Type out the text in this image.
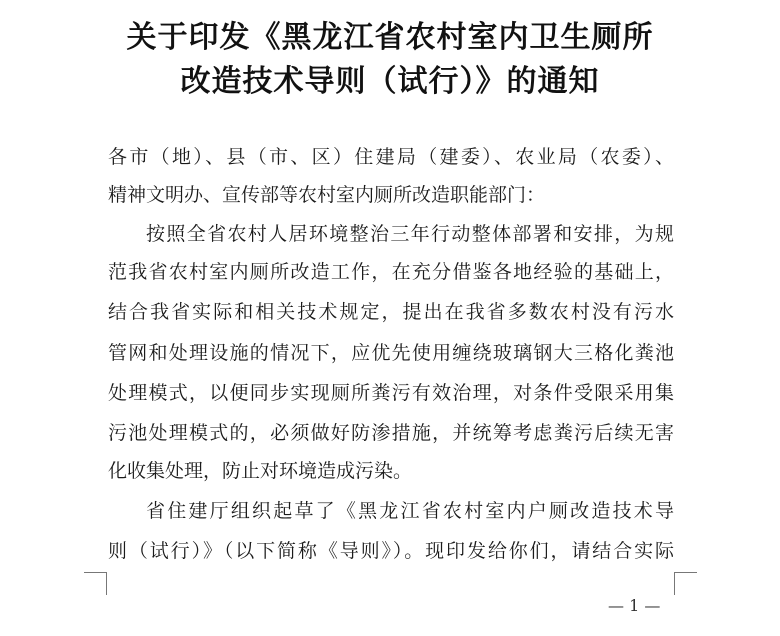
关于印发《黑龙江省农村室内卫生厕所
改造技术导则（试行）》的通知
各市（地）、县（市、区）住建局（建委）、农业局（农委）、
精神文明办、宣传部等农村室内厕所改造职能部门：
按照全省农村人居环境整治三年行动整体部署和安排，为规
范我省农村室内厕所改造工作，在充分借鉴各地经验的基础上，
结合我省实际和相关技术规定，提出在我省多数农村没有污水
管网和处理设施的情况下，应优先使用缠绕玻璃钢大三格化粪池
处理模式，以便同步实现厕所粪污有效治理，对条件受限采用集
污池处理模式的，必须做好防渗措施，并统筹考虑粪污后续无害
化收集处理，防止对环境造成污染。
省住建厅组织起草了《黑龙江省农村室内户厕改造技术导
则（试行）》（以下简称《导则》）。现印发给你们，请结合实际
— 1 —
